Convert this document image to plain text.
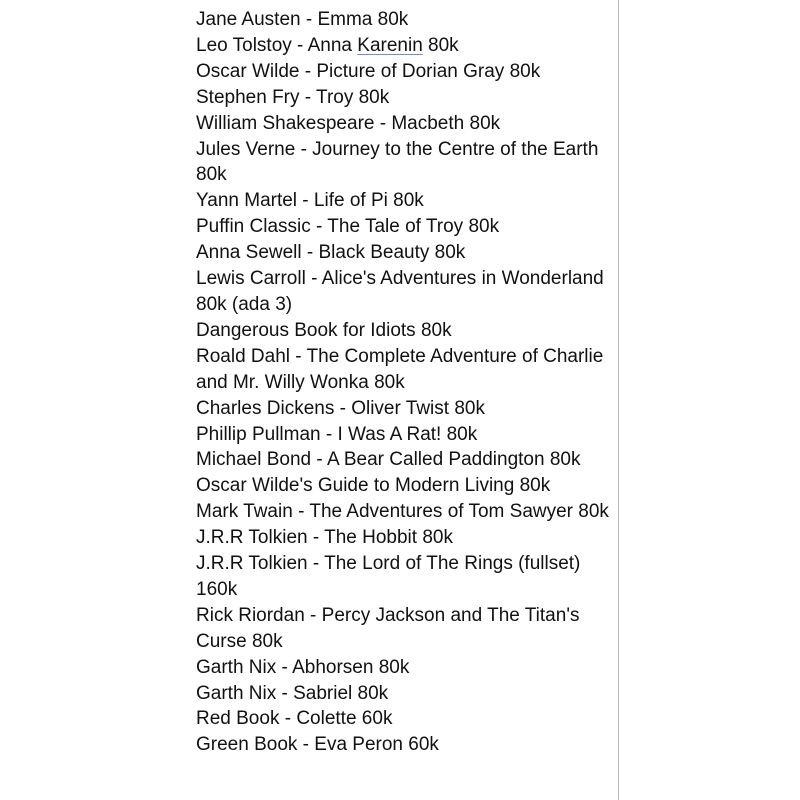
Jane Austen - Emma 80k
Leo Tolstoy - Anna Karenin 80k
Oscar Wilde - Picture of Dorian Gray 80k
Stephen Fry - Troy 80k
William Shakespeare - Macbeth 80k
Jules Verne - Journey to the Centre of the Earth 80k
Yann Martel - Life of Pi 80k
Puffin Classic - The Tale of Troy 80k
Anna Sewell - Black Beauty 80k
Lewis Carroll - Alice's Adventures in Wonderland 80k (ada 3)
Dangerous Book for Idiots 80k
Roald Dahl - The Complete Adventure of Charlie and Mr. Willy Wonka 80k
Charles Dickens - Oliver Twist 80k
Phillip Pullman - I Was A Rat! 80k
Michael Bond - A Bear Called Paddington 80k
Oscar Wilde's Guide to Modern Living 80k
Mark Twain - The Adventures of Tom Sawyer 80k
J.R.R Tolkien - The Hobbit 80k
J.R.R Tolkien - The Lord of The Rings (fullset) 160k
Rick Riordan - Percy Jackson and The Titan's Curse 80k
Garth Nix - Abhorsen 80k
Garth Nix - Sabriel 80k
Red Book - Colette 60k
Green Book - Eva Peron 60k
